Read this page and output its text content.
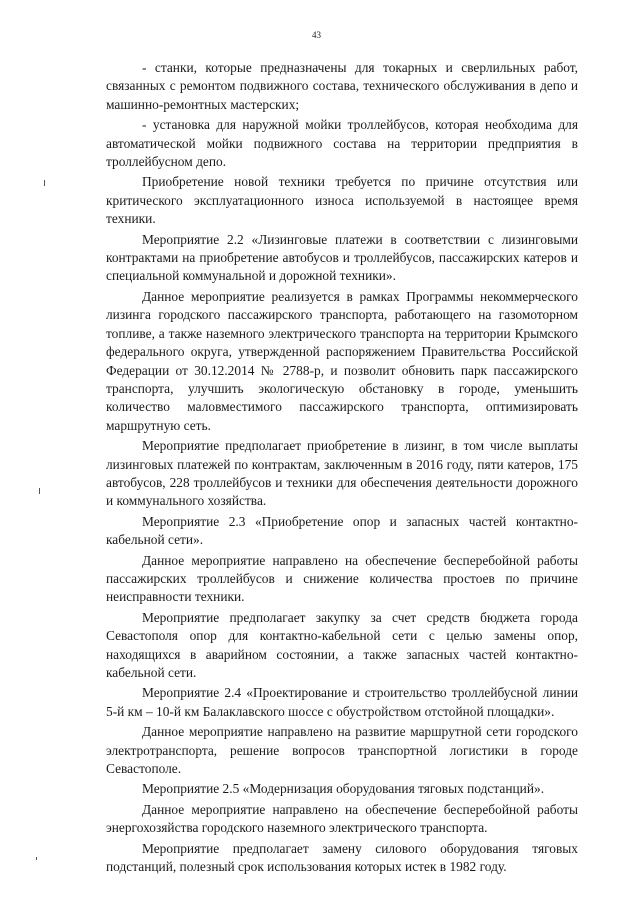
43

- станки, которые предназначены для токарных и сверлильных работ, связанных с ремонтом подвижного состава, технического обслуживания в депо и машинно-ремонтных мастерских;

- установка для наружной мойки троллейбусов, которая необходима для автоматической мойки подвижного состава на территории предприятия в троллейбусном депо.

Приобретение новой техники требуется по причине отсутствия или критического эксплуатационного износа используемой в настоящее время техники.

Мероприятие 2.2 «Лизинговые платежи в соответствии с лизинговыми контрактами на приобретение автобусов и троллейбусов, пассажирских катеров и специальной коммунальной и дорожной техники».

Данное мероприятие реализуется в рамках Программы некоммерческого лизинга городского пассажирского транспорта, работающего на газомоторном топливе, а также наземного электрического транспорта на территории Крымского федерального округа, утвержденной распоряжением Правительства Российской Федерации от 30.12.2014 № 2788-р, и позволит обновить парк пассажирского транспорта, улучшить экологическую обстановку в городе, уменьшить количество маловместимого пассажирского транспорта, оптимизировать маршрутную сеть.

Мероприятие предполагает приобретение в лизинг, в том числе выплаты лизинговых платежей по контрактам, заключенным в 2016 году, пяти катеров, 175 автобусов, 228 троллейбусов и техники для обеспечения деятельности дорожного и коммунального хозяйства.

Мероприятие 2.3 «Приобретение опор и запасных частей контактно-кабельной сети».

Данное мероприятие направлено на обеспечение бесперебойной работы пассажирских троллейбусов и снижение количества простоев по причине неисправности техники.

Мероприятие предполагает закупку за счет средств бюджета города Севастополя опор для контактно-кабельной сети с целью замены опор, находящихся в аварийном состоянии, а также запасных частей контактно-кабельной сети.

Мероприятие 2.4 «Проектирование и строительство троллейбусной линии 5-й км – 10-й км Балаклавского шоссе с обустройством отстойной площадки».

Данное мероприятие направлено на развитие маршрутной сети городского электротранспорта, решение вопросов транспортной логистики в городе Севастополе.

Мероприятие 2.5 «Модернизация оборудования тяговых подстанций».

Данное мероприятие направлено на обеспечение бесперебойной работы энергохозяйства городского наземного электрического транспорта.

Мероприятие предполагает замену силового оборудования тяговых подстанций, полезный срок использования которых истек в 1982 году.
